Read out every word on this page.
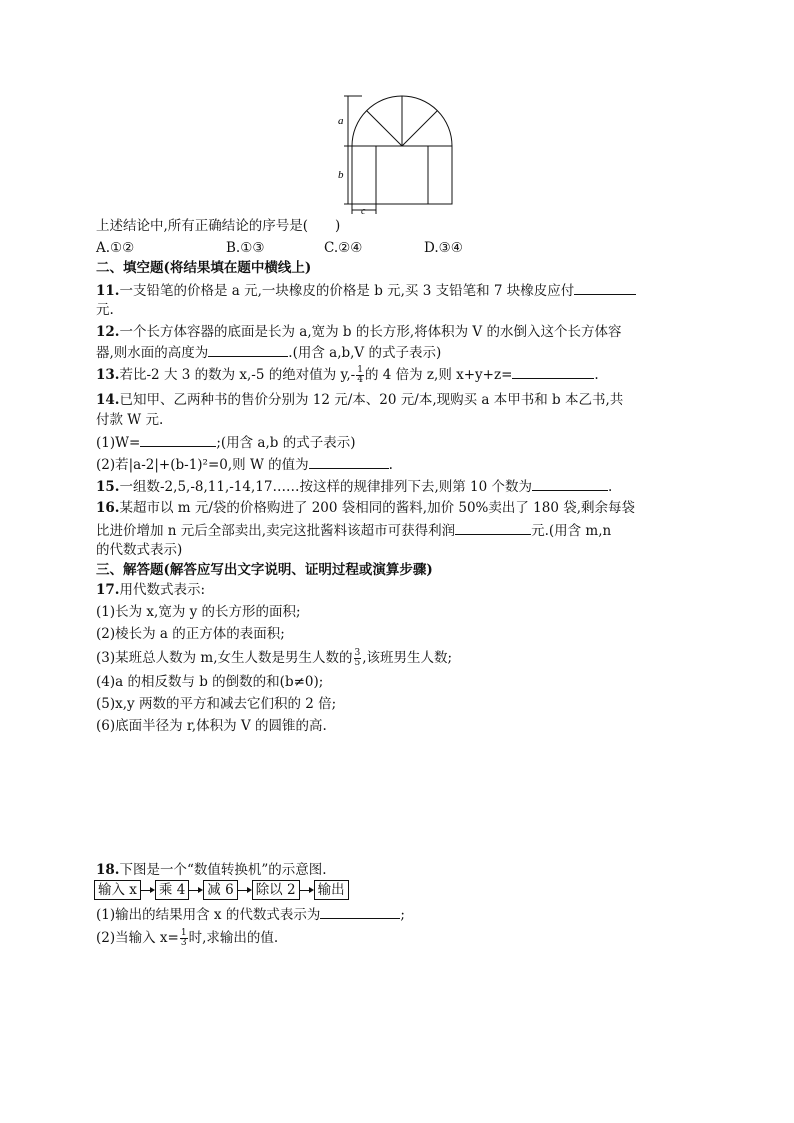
a
b
c
上述结论中,所有正确结论的序号是(　　)
A.①②	B.①③	C.②④	D.③④
二、填空题(将结果填在题中横线上)
11.一支铅笔的价格是 a 元,一块橡皮的价格是 b 元,买 3 支铅笔和 7 块橡皮应付
元.
12.一个长方体容器的底面是长为 a,宽为 b 的长方形,将体积为 V 的水倒入这个长方体容
器,则水面的高度为	.(用含 a,b,V 的式子表示)
13.若比-2 大 3 的数为 x,-5 的绝对值为 $y,- \frac{1}{4}$ 的 4 倍为 z,则 x+y+z=	.
14.已知甲、乙两种书的售价分别为 12 元/本、20 元/本,现购买 a 本甲书和 b 本乙书,共
付款 W 元.
(1)W=	;(用含 a,b 的式子表示)
(2)若|a-2|+(b-1)²=0,则 W 的值为	.
15.一组数-2,5,-8,11,-14,17……按这样的规律排列下去,则第 10 个数为	.
16.某超市以 m 元/袋的价格购进了 200 袋相同的酱料,加价 50%卖出了 180 袋,剩余每袋
比进价增加 n 元后全部卖出,卖完这批酱料该超市可获得利润	元.(用含 m,n
的代数式表示)
三、解答题(解答应写出文字说明、证明过程或演算步骤)
17.用代数式表示:
(1)长为 x,宽为 y 的长方形的面积;
(2)棱长为 a 的正方体的表面积;
(3)某班总人数为 m,女生人数是男生人数的 $\frac{3}{5}$ ,该班男生人数;
(4)a 的相反数与 b 的倒数的和(b≠0);
(5)x,y 两数的平方和减去它们积的 2 倍;
(6)底面半径为 r,体积为 V 的圆锥的高.
18.下图是一个“数值转换机”的示意图.
输入 x 乘 4 减 6 除以 2 输出
(1)输出的结果用含 x 的代数式表示为	;
(2)当输入 $x= \frac{1}{3}$ 时,求输出的值.
